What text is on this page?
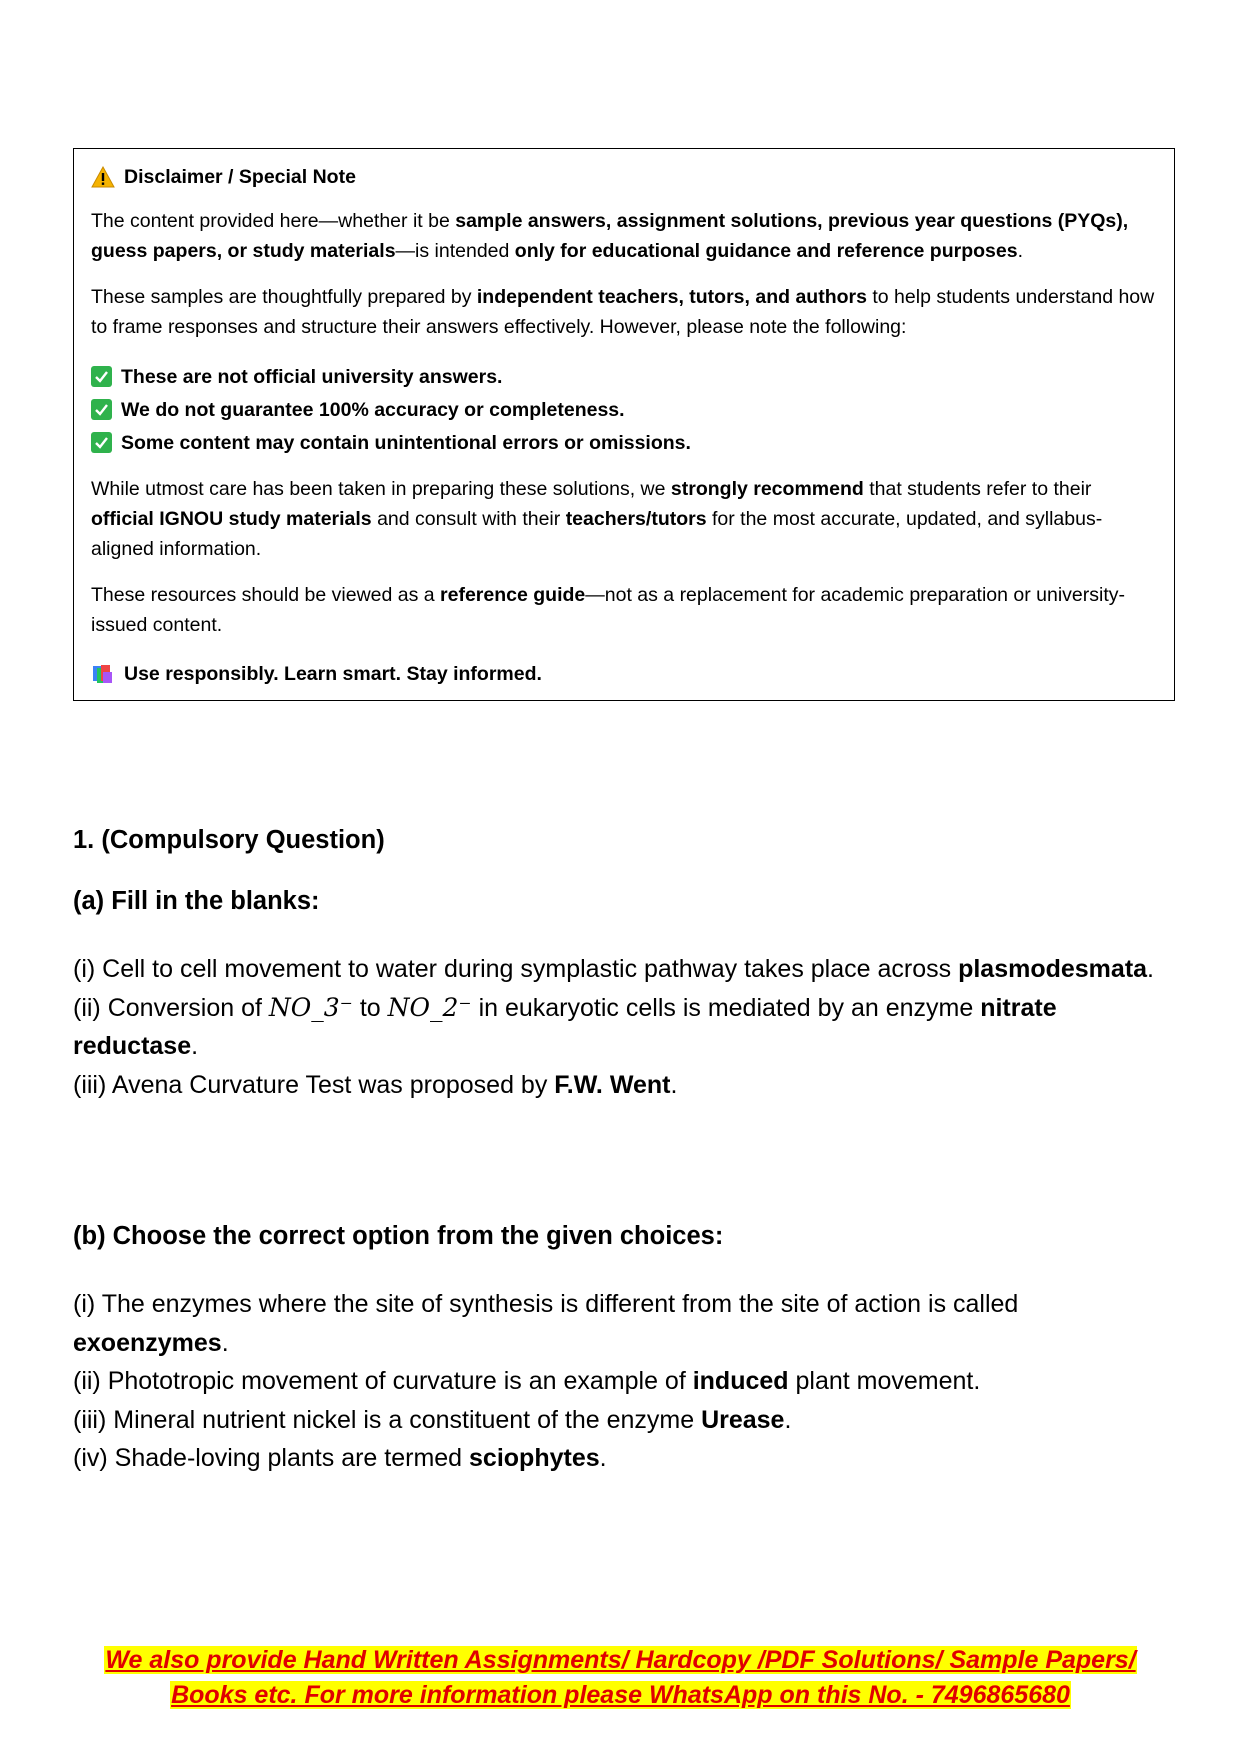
Disclaimer / Special Note

The content provided here—whether it be sample answers, assignment solutions, previous year questions (PYQs), guess papers, or study materials—is intended only for educational guidance and reference purposes.

These samples are thoughtfully prepared by independent teachers, tutors, and authors to help students understand how to frame responses and structure their answers effectively. However, please note the following:

These are not official university answers.
We do not guarantee 100% accuracy or completeness.
Some content may contain unintentional errors or omissions.

While utmost care has been taken in preparing these solutions, we strongly recommend that students refer to their official IGNOU study materials and consult with their teachers/tutors for the most accurate, updated, and syllabus-aligned information.

These resources should be viewed as a reference guide—not as a replacement for academic preparation or university-issued content.

Use responsibly. Learn smart. Stay informed.

1. (Compulsory Question)

(a) Fill in the blanks:

(i) Cell to cell movement to water during symplastic pathway takes place across plasmodesmata.

(ii) Conversion of NO_3⁻ to NO_2⁻ in eukaryotic cells is mediated by an enzyme nitrate reductase.

(iii) Avena Curvature Test was proposed by F.W. Went.

(b) Choose the correct option from the given choices:

(i) The enzymes where the site of synthesis is different from the site of action is called exoenzymes.

(ii) Phototropic movement of curvature is an example of induced plant movement.

(iii) Mineral nutrient nickel is a constituent of the enzyme Urease.

(iv) Shade-loving plants are termed sciophytes.

We also provide Hand Written Assignments/ Hardcopy /PDF Solutions/ Sample Papers/
Books etc. For more information please WhatsApp on this No. - 7496865680
